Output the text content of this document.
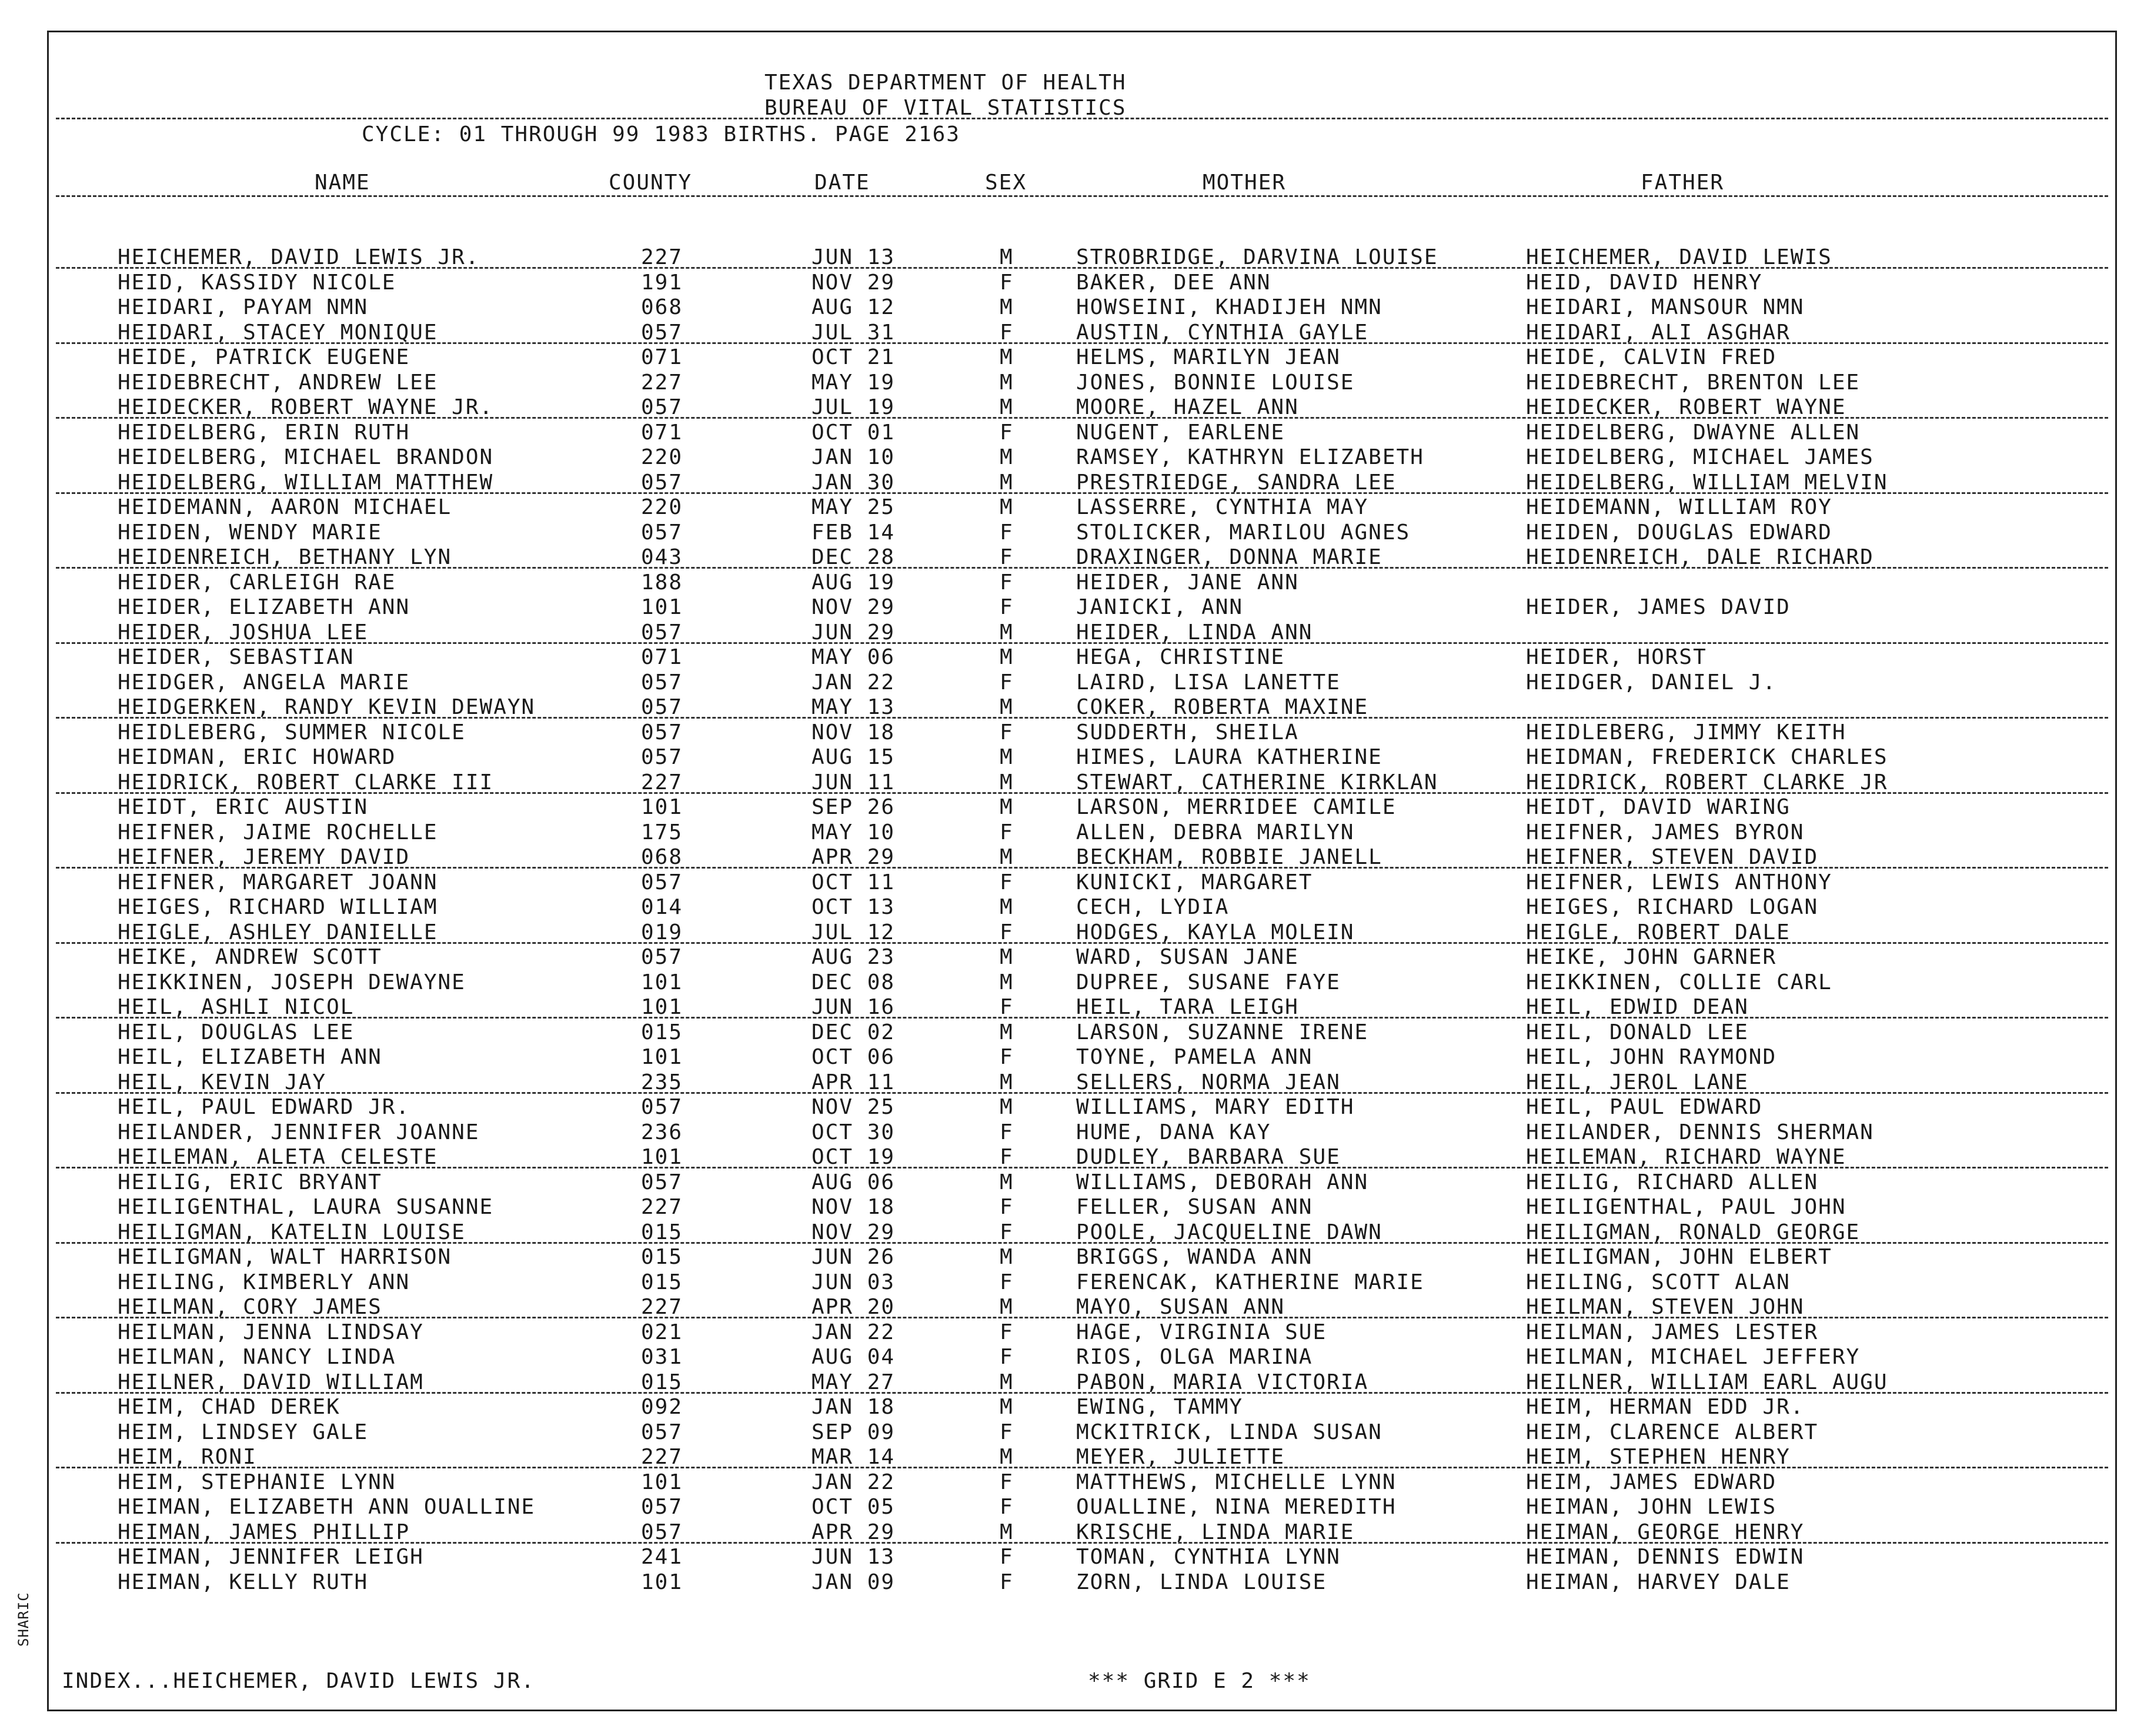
SHARIC
TEXAS DEPARTMENT OF HEALTH
BUREAU OF VITAL STATISTICS
CYCLE: 01 THROUGH 99 1983 BIRTHS. PAGE 2163
NAME	COUNTY	DATE	SEX	MOTHER	FATHER
HEICHEMER, DAVID LEWIS JR.	227	JUN 13	M	STROBRIDGE, DARVINA LOUISE	HEICHEMER, DAVID LEWIS
HEID, KASSIDY NICOLE	191	NOV 29	F	BAKER, DEE ANN	HEID, DAVID HENRY
HEIDARI, PAYAM NMN	068	AUG 12	M	HOWSEINI, KHADIJEH NMN	HEIDARI, MANSOUR NMN
HEIDARI, STACEY MONIQUE	057	JUL 31	F	AUSTIN, CYNTHIA GAYLE	HEIDARI, ALI ASGHAR
HEIDE, PATRICK EUGENE	071	OCT 21	M	HELMS, MARILYN JEAN	HEIDE, CALVIN FRED
HEIDEBRECHT, ANDREW LEE	227	MAY 19	M	JONES, BONNIE LOUISE	HEIDEBRECHT, BRENTON LEE
HEIDECKER, ROBERT WAYNE JR.	057	JUL 19	M	MOORE, HAZEL ANN	HEIDECKER, ROBERT WAYNE
HEIDELBERG, ERIN RUTH	071	OCT 01	F	NUGENT, EARLENE	HEIDELBERG, DWAYNE ALLEN
HEIDELBERG, MICHAEL BRANDON	220	JAN 10	M	RAMSEY, KATHRYN ELIZABETH	HEIDELBERG, MICHAEL JAMES
HEIDELBERG, WILLIAM MATTHEW	057	JAN 30	M	PRESTRIEDGE, SANDRA LEE	HEIDELBERG, WILLIAM MELVIN
HEIDEMANN, AARON MICHAEL	220	MAY 25	M	LASSERRE, CYNTHIA MAY	HEIDEMANN, WILLIAM ROY
HEIDEN, WENDY MARIE	057	FEB 14	F	STOLICKER, MARILOU AGNES	HEIDEN, DOUGLAS EDWARD
HEIDENREICH, BETHANY LYN	043	DEC 28	F	DRAXINGER, DONNA MARIE	HEIDENREICH, DALE RICHARD
HEIDER, CARLEIGH RAE	188	AUG 19	F	HEIDER, JANE ANN
HEIDER, ELIZABETH ANN	101	NOV 29	F	JANICKI, ANN	HEIDER, JAMES DAVID
HEIDER, JOSHUA LEE	057	JUN 29	M	HEIDER, LINDA ANN
HEIDER, SEBASTIAN	071	MAY 06	M	HEGA, CHRISTINE	HEIDER, HORST
HEIDGER, ANGELA MARIE	057	JAN 22	F	LAIRD, LISA LANETTE	HEIDGER, DANIEL J.
HEIDGERKEN, RANDY KEVIN DEWAYN	057	MAY 13	M	COKER, ROBERTA MAXINE
HEIDLEBERG, SUMMER NICOLE	057	NOV 18	F	SUDDERTH, SHEILA	HEIDLEBERG, JIMMY KEITH
HEIDMAN, ERIC HOWARD	057	AUG 15	M	HIMES, LAURA KATHERINE	HEIDMAN, FREDERICK CHARLES
HEIDRICK, ROBERT CLARKE III	227	JUN 11	M	STEWART, CATHERINE KIRKLAN	HEIDRICK, ROBERT CLARKE JR
HEIDT, ERIC AUSTIN	101	SEP 26	M	LARSON, MERRIDEE CAMILE	HEIDT, DAVID WARING
HEIFNER, JAIME ROCHELLE	175	MAY 10	F	ALLEN, DEBRA MARILYN	HEIFNER, JAMES BYRON
HEIFNER, JEREMY DAVID	068	APR 29	M	BECKHAM, ROBBIE JANELL	HEIFNER, STEVEN DAVID
HEIFNER, MARGARET JOANN	057	OCT 11	F	KUNICKI, MARGARET	HEIFNER, LEWIS ANTHONY
HEIGES, RICHARD WILLIAM	014	OCT 13	M	CECH, LYDIA	HEIGES, RICHARD LOGAN
HEIGLE, ASHLEY DANIELLE	019	JUL 12	F	HODGES, KAYLA MOLEIN	HEIGLE, ROBERT DALE
HEIKE, ANDREW SCOTT	057	AUG 23	M	WARD, SUSAN JANE	HEIKE, JOHN GARNER
HEIKKINEN, JOSEPH DEWAYNE	101	DEC 08	M	DUPREE, SUSANE FAYE	HEIKKINEN, COLLIE CARL
HEIL, ASHLI NICOL	101	JUN 16	F	HEIL, TARA LEIGH	HEIL, EDWID DEAN
HEIL, DOUGLAS LEE	015	DEC 02	M	LARSON, SUZANNE IRENE	HEIL, DONALD LEE
HEIL, ELIZABETH ANN	101	OCT 06	F	TOYNE, PAMELA ANN	HEIL, JOHN RAYMOND
HEIL, KEVIN JAY	235	APR 11	M	SELLERS, NORMA JEAN	HEIL, JEROL LANE
HEIL, PAUL EDWARD JR.	057	NOV 25	M	WILLIAMS, MARY EDITH	HEIL, PAUL EDWARD
HEILANDER, JENNIFER JOANNE	236	OCT 30	F	HUME, DANA KAY	HEILANDER, DENNIS SHERMAN
HEILEMAN, ALETA CELESTE	101	OCT 19	F	DUDLEY, BARBARA SUE	HEILEMAN, RICHARD WAYNE
HEILIG, ERIC BRYANT	057	AUG 06	M	WILLIAMS, DEBORAH ANN	HEILIG, RICHARD ALLEN
HEILIGENTHAL, LAURA SUSANNE	227	NOV 18	F	FELLER, SUSAN ANN	HEILIGENTHAL, PAUL JOHN
HEILIGMAN, KATELIN LOUISE	015	NOV 29	F	POOLE, JACQUELINE DAWN	HEILIGMAN, RONALD GEORGE
HEILIGMAN, WALT HARRISON	015	JUN 26	M	BRIGGS, WANDA ANN	HEILIGMAN, JOHN ELBERT
HEILING, KIMBERLY ANN	015	JUN 03	F	FERENCAK, KATHERINE MARIE	HEILING, SCOTT ALAN
HEILMAN, CORY JAMES	227	APR 20	M	MAYO, SUSAN ANN	HEILMAN, STEVEN JOHN
HEILMAN, JENNA LINDSAY	021	JAN 22	F	HAGE, VIRGINIA SUE	HEILMAN, JAMES LESTER
HEILMAN, NANCY LINDA	031	AUG 04	F	RIOS, OLGA MARINA	HEILMAN, MICHAEL JEFFERY
HEILNER, DAVID WILLIAM	015	MAY 27	M	PABON, MARIA VICTORIA	HEILNER, WILLIAM EARL AUGU
HEIM, CHAD DEREK	092	JAN 18	M	EWING, TAMMY	HEIM, HERMAN EDD JR.
HEIM, LINDSEY GALE	057	SEP 09	F	MCKITRICK, LINDA SUSAN	HEIM, CLARENCE ALBERT
HEIM, RONI	227	MAR 14	M	MEYER, JULIETTE	HEIM, STEPHEN HENRY
HEIM, STEPHANIE LYNN	101	JAN 22	F	MATTHEWS, MICHELLE LYNN	HEIM, JAMES EDWARD
HEIMAN, ELIZABETH ANN OUALLINE	057	OCT 05	F	OUALLINE, NINA MEREDITH	HEIMAN, JOHN LEWIS
HEIMAN, JAMES PHILLIP	057	APR 29	M	KRISCHE, LINDA MARIE	HEIMAN, GEORGE HENRY
HEIMAN, JENNIFER LEIGH	241	JUN 13	F	TOMAN, CYNTHIA LYNN	HEIMAN, DENNIS EDWIN
HEIMAN, KELLY RUTH	101	JAN 09	F	ZORN, LINDA LOUISE	HEIMAN, HARVEY DALE
INDEX...HEICHEMER, DAVID LEWIS JR.	*** GRID E 2 ***
